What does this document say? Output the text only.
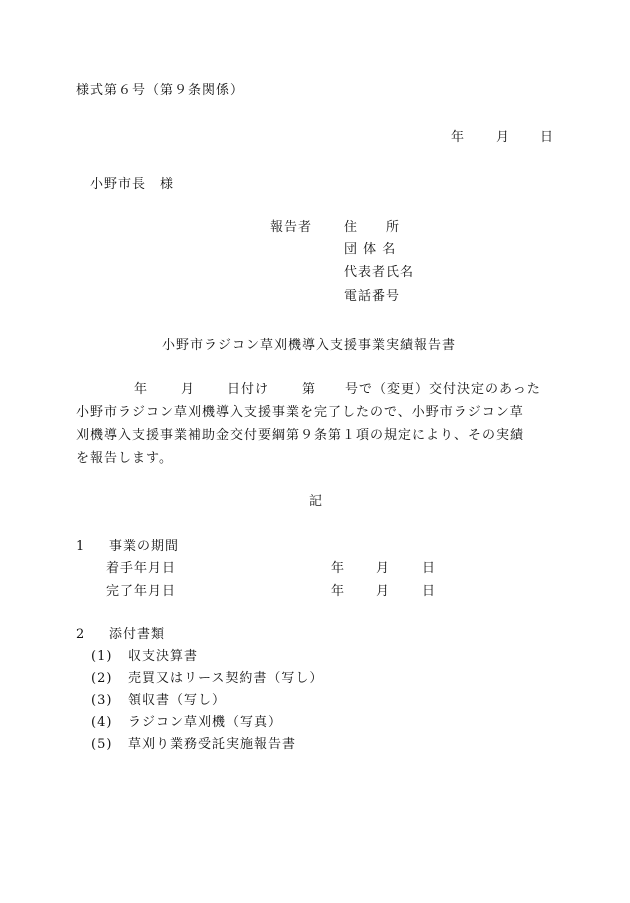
様式第６号（第９条関係）
年 月 日
小野市長　様
報告者 住　　所
団 体 名
代表者氏名
電話番号
小野市ラジコン草刈機導入支援事業実績報告書
年	月 日付け	第 号で（変更）交付決定のあった
小野市ラジコン草刈機導入支援事業を完了したので、小野市ラジコン草
刈機導入支援事業補助金交付要綱第９条第１項の規定により、その実績
を報告します。
記
1 事業の期間
着手年月日	年 月 日
完了年月日	年 月 日
2 添付書類
(1) 収支決算書
(2) 売買又はリース契約書（写し）
(3) 領収書（写し）
(4) ラジコン草刈機（写真）
(5) 草刈り業務受託実施報告書
